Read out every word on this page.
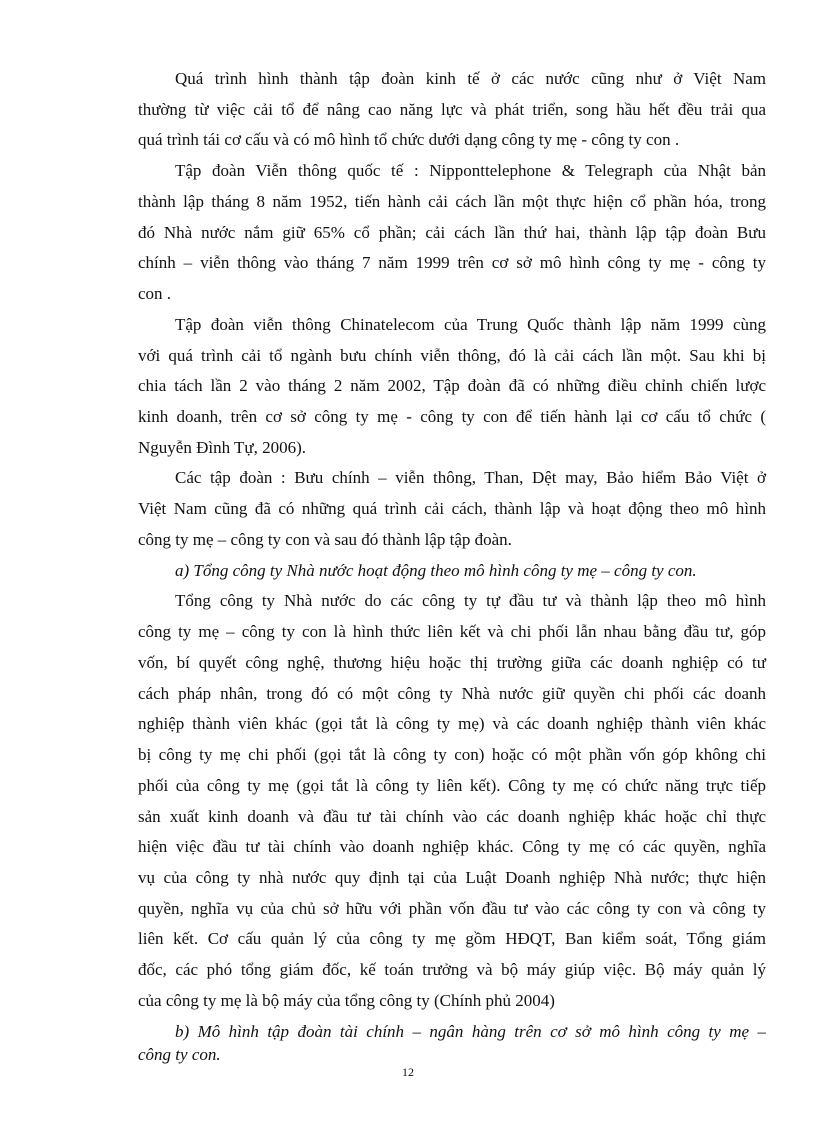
Quá trình hình thành tập đoàn kinh tế ở các nước cũng như ở Việt Nam
thường từ việc cải tổ để nâng cao năng lực và phát triển, song hầu hết đều trải qua
quá trình tái cơ cấu và có mô hình tổ chức dưới dạng công ty mẹ - công ty con .
Tập đoàn Viễn thông quốc tế : Nipponttelephone & Telegraph của Nhật bản
thành lập tháng 8 năm 1952, tiến hành cải cách lần một thực hiện cổ phần hóa, trong
đó Nhà nước nắm giữ 65% cổ phần; cải cách lần thứ hai, thành lập tập đoàn Bưu
chính – viễn thông vào tháng 7 năm 1999 trên cơ sở mô hình công ty mẹ - công ty
con .
Tập đoàn viễn thông Chinatelecom của Trung Quốc thành lập năm 1999 cùng
với quá trình cải tổ ngành bưu chính viễn thông, đó là cải cách lần một. Sau khi bị
chia tách lần 2 vào tháng 2 năm 2002, Tập đoàn đã có những điều chỉnh chiến lược
kinh doanh, trên cơ sở công ty mẹ - công ty con để tiến hành lại cơ cấu tổ chức (
Nguyễn Đình Tự, 2006).
Các tập đoàn : Bưu chính – viễn thông, Than, Dệt may, Bảo hiểm Bảo Việt ở
Việt Nam cũng đã có những quá trình cải cách, thành lập và hoạt động theo mô hình
công ty mẹ – công ty con và sau đó thành lập tập đoàn.
a) Tổng công ty Nhà nước hoạt động theo mô hình công ty mẹ – công ty con.
Tổng công ty Nhà nước do các công ty tự đầu tư và thành lập theo mô hình
công ty mẹ – công ty con là hình thức liên kết và chi phối lẫn nhau bằng đầu tư, góp
vốn, bí quyết công nghệ, thương hiệu hoặc thị trường giữa các doanh nghiệp có tư
cách pháp nhân, trong đó có một công ty Nhà nước giữ quyền chi phối các doanh
nghiệp thành viên khác (gọi tắt là công ty mẹ) và các doanh nghiệp thành viên khác
bị công ty mẹ chi phối (gọi tắt là công ty con) hoặc có một phần vốn góp không chi
phối của công ty mẹ (gọi tắt là công ty liên kết). Công ty mẹ có chức năng trực tiếp
sản xuất kinh doanh và đầu tư tài chính vào các doanh nghiệp khác hoặc chỉ thực
hiện việc đầu tư tài chính vào doanh nghiệp khác. Công ty mẹ có các quyền, nghĩa
vụ của công ty nhà nước quy định tại của Luật Doanh nghiệp Nhà nước; thực hiện
quyền, nghĩa vụ của chủ sở hữu với phần vốn đầu tư vào các công ty con và công ty
liên kết. Cơ cấu quản lý của công ty mẹ gồm HĐQT, Ban kiểm soát, Tổng giám
đốc, các phó tổng giám đốc, kế toán trưởng và bộ máy giúp việc. Bộ máy quản lý
của công ty mẹ là bộ máy của tổng công ty (Chính phủ 2004)
b) Mô hình tập đoàn tài chính – ngân hàng trên cơ sở mô hình công ty mẹ –
công ty con.
12
